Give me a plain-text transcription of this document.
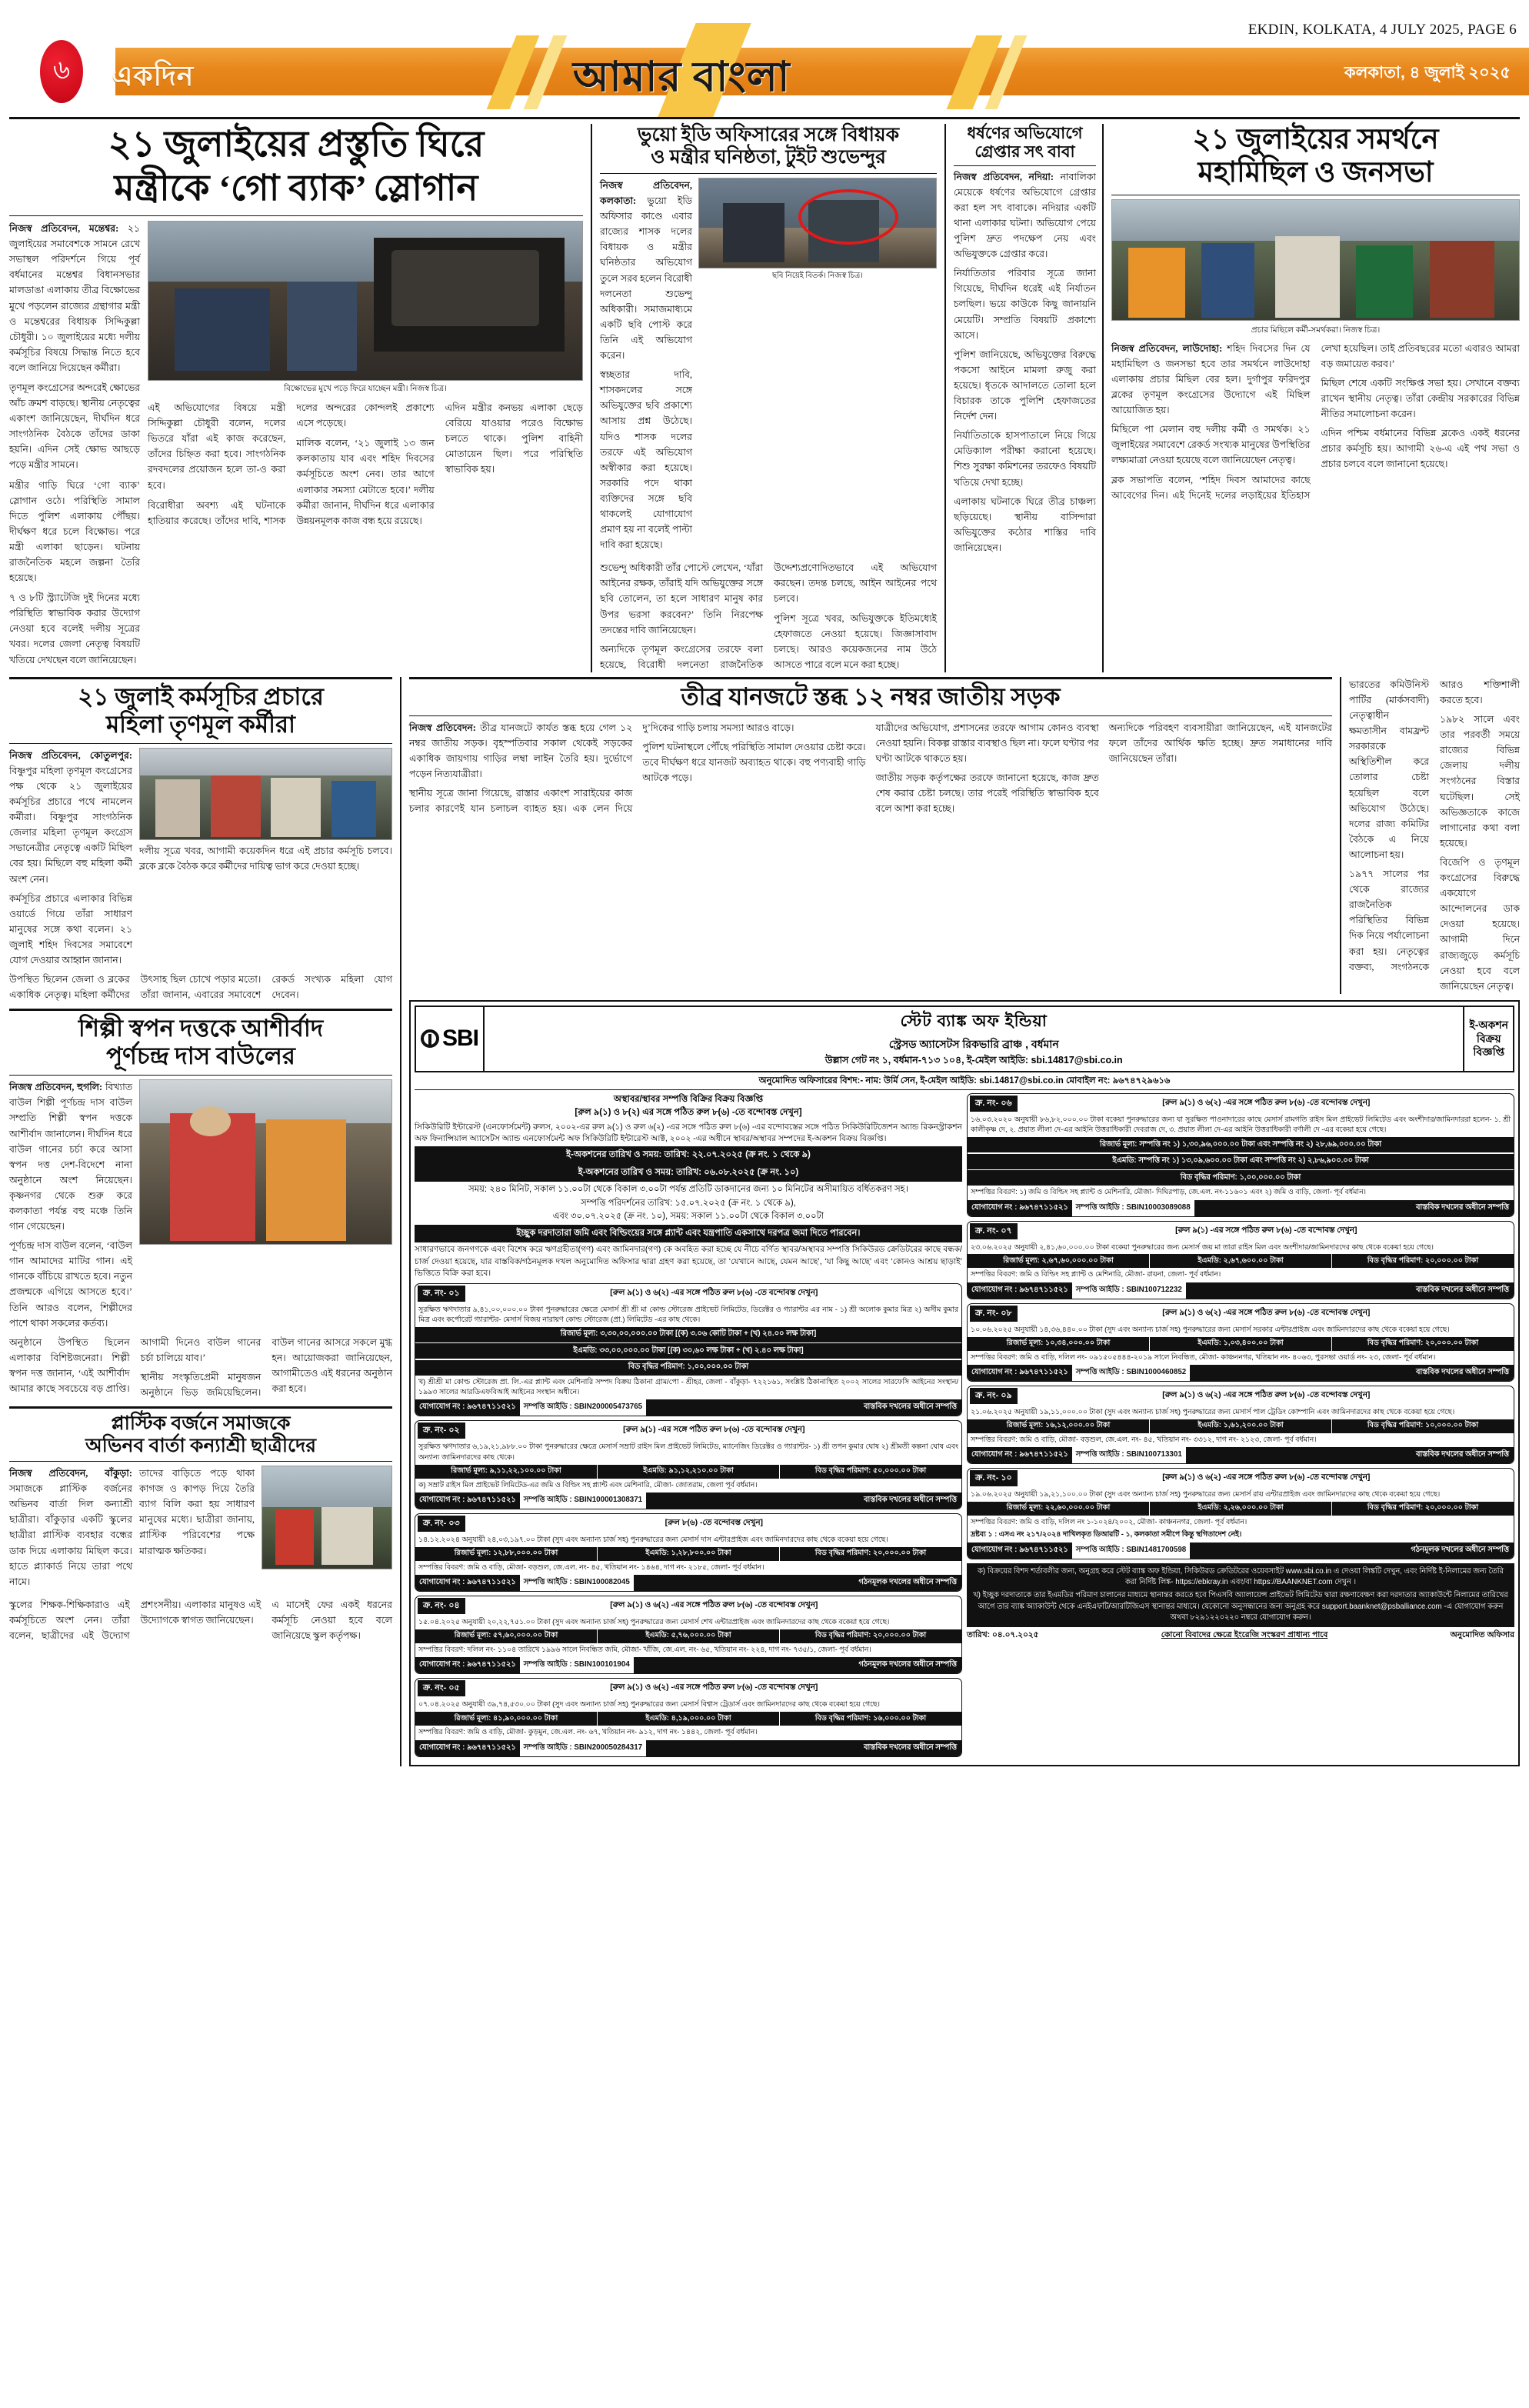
EKDIN, KOLKATA, 4 JULY 2025, PAGE 6
৬	একদিন	আমার বাংলা	কলকাতা, ৪ জুলাই ২০২৫
২১ জুলাইয়ের প্রস্তুতি ঘিরে
মন্ত্রীকে ‘গো ব্যাক’ স্লোগান

নিজস্ব প্রতিবেদন, মন্তেশ্বর: ২১ জুলাইয়ের সমাবেশকে সামনে রেখে সভাস্থল পরিদর্শনে গিয়ে পূর্ব বর্ধমানের মন্তেশ্বর বিধানসভার মালডাঙা এলাকায় তীব্র বিক্ষোভের মুখে পড়লেন রাজ্যের গ্রন্থাগার মন্ত্রী ও মন্তেশ্বরের বিধায়ক সিদ্দিকুল্লা চৌধুরী। ১০ জুলাইয়ের মধ্যে দলীয় কর্মসূচির বিষয়ে সিদ্ধান্ত নিতে হবে বলে জানিয়ে দিয়েছেন কর্মীরা।

তৃণমূল কংগ্রেসের অন্দরেই ক্ষোভের আঁচ ক্রমশ বাড়ছে। স্থানীয় নেতৃত্বের একাংশ জানিয়েছেন, দীর্ঘদিন ধরে সাংগঠনিক বৈঠকে তাঁদের ডাকা হয়নি। এদিন সেই ক্ষোভ আছড়ে পড়ে মন্ত্রীর সামনে।

মন্ত্রীর গাড়ি ঘিরে ‘গো ব্যাক’ স্লোগান ওঠে। পরিস্থিতি সামাল দিতে পুলিশ এলাকায় পৌঁছয়। দীর্ঘক্ষণ ধরে চলে বিক্ষোভ। পরে মন্ত্রী এলাকা ছাড়েন। ঘটনায় রাজনৈতিক মহলে জল্পনা তৈরি হয়েছে।

৭ ও ৮টি স্ট্র্যাটেজি দুই দিনের মধ্যে পরিস্থিতি স্বাভাবিক করার উদ্যোগ নেওয়া হবে বলেই দলীয় সূত্রের খবর। দলের জেলা নেতৃত্ব বিষয়টি খতিয়ে দেখছেন বলে জানিয়েছেন।

বিক্ষোভের মুখে পড়ে ফিরে যাচ্ছেন মন্ত্রী। নিজস্ব চিত্র।

এই অভিযোগের বিষয়ে মন্ত্রী সিদ্দিকুল্লা চৌধুরী বলেন, দলের ভিতরে যাঁরা এই কাজ করেছেন, তাঁদের চিহ্নিত করা হবে। সাংগঠনিক রদবদলের প্রয়োজন হলে তা-ও করা হবে।

বিরোধীরা অবশ্য এই ঘটনাকে হাতিয়ার করেছে। তাঁদের দাবি, শাসক দলের অন্দরের কোন্দলই প্রকাশ্যে এসে পড়েছে।

মালিক বলেন, ‘২১ জুলাই ১৩ জন কলকাতায় যাব এবং শহিদ দিবসের কর্মসূচিতে অংশ নেব। তার আগে এলাকার সমস্যা মেটাতে হবে।’ দলীয় কর্মীরা জানান, দীর্ঘদিন ধরে এলাকার উন্নয়নমূলক কাজ বন্ধ হয়ে রয়েছে।

এদিন মন্ত্রীর কনভয় এলাকা ছেড়ে বেরিয়ে যাওয়ার পরেও বিক্ষোভ চলতে থাকে। পুলিশ বাহিনী মোতায়েন ছিল। পরে পরিস্থিতি স্বাভাবিক হয়।

ভুয়ো ইডি অফিসারের সঙ্গে বিধায়ক
ও মন্ত্রীর ঘনিষ্ঠতা, টুইট শুভেন্দুর

নিজস্ব প্রতিবেদন, কলকাতা: ভুয়ো ইডি অফিসার কাণ্ডে এবার রাজ্যের শাসক দলের বিধায়ক ও মন্ত্রীর ঘনিষ্ঠতার অভিযোগ তুলে সরব হলেন বিরোধী দলনেতা শুভেন্দু অধিকারী। সমাজমাধ্যমে একটি ছবি পোস্ট করে তিনি এই অভিযোগ করেন।

স্বচ্ছতার দাবি, শাসকদলের সঙ্গে অভিযুক্তের ছবি প্রকাশ্যে আসায় প্রশ্ন উঠেছে। যদিও শাসক দলের তরফে এই অভিযোগ অস্বীকার করা হয়েছে। সরকারি পদে থাকা ব্যক্তিদের সঙ্গে ছবি থাকলেই যোগাযোগ প্রমাণ হয় না বলেই পাল্টা দাবি করা হয়েছে।

ছবি নিয়েই বিতর্ক। নিজস্ব চিত্র।

শুভেন্দু অধিকারী তাঁর পোস্টে লেখেন, ‘যাঁরা আইনের রক্ষক, তাঁরাই যদি অভিযুক্তের সঙ্গে ছবি তোলেন, তা হলে সাধারণ মানুষ কার উপর ভরসা করবেন?’ তিনি নিরপেক্ষ তদন্তের দাবি জানিয়েছেন।

অন্যদিকে তৃণমূল কংগ্রেসের তরফে বলা হয়েছে, বিরোধী দলনেতা রাজনৈতিক উদ্দেশ্যপ্রণোদিতভাবে এই অভিযোগ করছেন। তদন্ত চলছে, আইন আইনের পথে চলবে।

পুলিশ সূত্রে খবর, অভিযুক্তকে ইতিমধ্যেই হেফাজতে নেওয়া হয়েছে। জিজ্ঞাসাবাদ চলছে। আরও কয়েকজনের নাম উঠে আসতে পারে বলে মনে করা হচ্ছে।

ধর্ষণের অভিযোগে
গ্রেপ্তার সৎ বাবা

নিজস্ব প্রতিবেদন, নদিয়া: নাবালিকা মেয়েকে ধর্ষণের অভিযোগে গ্রেপ্তার করা হল সৎ বাবাকে। নদিয়ার একটি থানা এলাকার ঘটনা। অভিযোগ পেয়ে পুলিশ দ্রুত পদক্ষেপ নেয় এবং অভিযুক্তকে গ্রেপ্তার করে।

নির্যাতিতার পরিবার সূত্রে জানা গিয়েছে, দীর্ঘদিন ধরেই এই নির্যাতন চলছিল। ভয়ে কাউকে কিছু জানায়নি মেয়েটি। সম্প্রতি বিষয়টি প্রকাশ্যে আসে।

পুলিশ জানিয়েছে, অভিযুক্তের বিরুদ্ধে পকসো আইনে মামলা রুজু করা হয়েছে। ধৃতকে আদালতে তোলা হলে বিচারক তাকে পুলিশি হেফাজতের নির্দেশ দেন।

নির্যাতিতাকে হাসপাতালে নিয়ে গিয়ে মেডিক্যাল পরীক্ষা করানো হয়েছে। শিশু সুরক্ষা কমিশনের তরফেও বিষয়টি খতিয়ে দেখা হচ্ছে।

এলাকায় ঘটনাকে ঘিরে তীব্র চাঞ্চল্য ছড়িয়েছে। স্থানীয় বাসিন্দারা অভিযুক্তের কঠোর শাস্তির দাবি জানিয়েছেন।

২১ জুলাইয়ের সমর্থনে
মহামিছিল ও জনসভা
প্রচার মিছিলে কর্মী-সমর্থকরা। নিজস্ব চিত্র।

নিজস্ব প্রতিবেদন, লাউদোহা: শহিদ দিবসের দিন যে মহামিছিল ও জনসভা হবে তার সমর্থনে লাউদোহা এলাকায় প্রচার মিছিল বের হল। দুর্গাপুর ফরিদপুর ব্লকের তৃণমূল কংগ্রেসের উদ্যোগে এই মিছিল আয়োজিত হয়।

মিছিলে পা মেলান বহু দলীয় কর্মী ও সমর্থক। ২১ জুলাইয়ের সমাবেশে রেকর্ড সংখ্যক মানুষের উপস্থিতির লক্ষ্যমাত্রা নেওয়া হয়েছে বলে জানিয়েছেন নেতৃত্ব।

ব্লক সভাপতি বলেন, ‘শহিদ দিবস আমাদের কাছে আবেগের দিন। এই দিনেই দলের লড়াইয়ের ইতিহাস লেখা হয়েছিল। তাই প্রতিবছরের মতো এবারও আমরা বড় জমায়েত করব।’

মিছিল শেষে একটি সংক্ষিপ্ত সভা হয়। সেখানে বক্তব্য রাখেন স্থানীয় নেতৃত্ব। তাঁরা কেন্দ্রীয় সরকারের বিভিন্ন নীতির সমালোচনা করেন।

এদিন পশ্চিম বর্ধমানের বিভিন্ন ব্লকেও একই ধরনের প্রচার কর্মসূচি হয়। আগামী ২৬-এ এই পথ সভা ও প্রচার চলবে বলে জানানো হয়েছে।

২১ জুলাই কর্মসূচির প্রচারে
মহিলা তৃণমূল কর্মীরা

নিজস্ব প্রতিবেদন, কোতুলপুর: বিষ্ণুপুর মহিলা তৃণমূল কংগ্রেসের পক্ষ থেকে ২১ জুলাইয়ের কর্মসূচির প্রচারে পথে নামলেন কর্মীরা। বিষ্ণুপুর সাংগঠনিক জেলার মহিলা তৃণমূল কংগ্রেস সভানেত্রীর নেতৃত্বে একটি মিছিল বের হয়। মিছিলে বহু মহিলা কর্মী অংশ নেন।

কর্মসূচির প্রচারে এলাকার বিভিন্ন ওয়ার্ডে গিয়ে তাঁরা সাধারণ মানুষের সঙ্গে কথা বলেন। ২১ জুলাই শহিদ দিবসের সমাবেশে যোগ দেওয়ার আহ্বান জানান।

দলীয় সূত্রে খবর, আগামী কয়েকদিন ধরে এই প্রচার কর্মসূচি চলবে। ব্লকে ব্লকে বৈঠক করে কর্মীদের দায়িত্ব ভাগ করে দেওয়া হচ্ছে।

উপস্থিত ছিলেন জেলা ও ব্লকের একাধিক নেতৃত্ব। মহিলা কর্মীদের উৎসাহ ছিল চোখে পড়ার মতো। তাঁরা জানান, এবারের সমাবেশে রেকর্ড সংখ্যক মহিলা যোগ দেবেন।

শিল্পী স্বপন দত্তকে আশীর্বাদ
পূর্ণচন্দ্র দাস বাউলের

নিজস্ব প্রতিবেদন, হুগলি: বিখ্যাত বাউল শিল্পী পূর্ণচন্দ্র দাস বাউল সম্প্রতি শিল্পী স্বপন দত্তকে আশীর্বাদ জানালেন। দীর্ঘদিন ধরে বাউল গানের চর্চা করে আসা স্বপন দত্ত দেশ-বিদেশে নানা অনুষ্ঠানে অংশ নিয়েছেন। কৃষ্ণনগর থেকে শুরু করে কলকাতা পর্যন্ত বহু মঞ্চে তিনি গান গেয়েছেন।

পূর্ণচন্দ্র দাস বাউল বলেন, ‘বাউল গান আমাদের মাটির গান। এই গানকে বাঁচিয়ে রাখতে হবে। নতুন প্রজন্মকে এগিয়ে আসতে হবে।’ তিনি আরও বলেন, শিল্পীদের পাশে থাকা সকলের কর্তব্য।

অনুষ্ঠানে উপস্থিত ছিলেন এলাকার বিশিষ্টজনেরা। শিল্পী স্বপন দত্ত জানান, ‘এই আশীর্বাদ আমার কাছে সবচেয়ে বড় প্রাপ্তি। আগামী দিনেও বাউল গানের চর্চা চালিয়ে যাব।’

স্থানীয় সংস্কৃতিপ্রেমী মানুষজন অনুষ্ঠানে ভিড় জমিয়েছিলেন। বাউল গানের আসরে সকলে মুগ্ধ হন। আয়োজকরা জানিয়েছেন, আগামীতেও এই ধরনের অনুষ্ঠান করা হবে।

প্লাস্টিক বর্জনে সমাজকে
অভিনব বার্তা কন্যাশ্রী ছাত্রীদের

নিজস্ব প্রতিবেদন, বাঁকুড়া: সমাজকে প্লাস্টিক বর্জনের অভিনব বার্তা দিল কন্যাশ্রী ছাত্রীরা। বাঁকুড়ার একটি স্কুলের ছাত্রীরা প্লাস্টিক ব্যবহার বন্ধের ডাক দিয়ে এলাকায় মিছিল করে। হাতে প্ল্যাকার্ড নিয়ে তারা পথে নামে।

তাদের বাড়িতে পড়ে থাকা কাগজ ও কাপড় দিয়ে তৈরি ব্যাগ বিলি করা হয় সাধারণ মানুষের মধ্যে। ছাত্রীরা জানায়, প্লাস্টিক পরিবেশের পক্ষে মারাত্মক ক্ষতিকর।

স্কুলের শিক্ষক-শিক্ষিকারাও এই কর্মসূচিতে অংশ নেন। তাঁরা বলেন, ছাত্রীদের এই উদ্যোগ প্রশংসনীয়। এলাকার মানুষও এই উদ্যোগকে স্বাগত জানিয়েছেন।

এ মাসেই ফের একই ধরনের কর্মসূচি নেওয়া হবে বলে জানিয়েছে স্কুল কর্তৃপক্ষ।

তীব্র যানজটে স্তব্ধ ১২ নম্বর জাতীয় সড়ক

নিজস্ব প্রতিবেদন: তীব্র যানজটে কার্যত স্তব্ধ হয়ে গেল ১২ নম্বর জাতীয় সড়ক। বৃহস্পতিবার সকাল থেকেই সড়কের একাধিক জায়গায় গাড়ির লম্বা লাইন তৈরি হয়। দুর্ভোগে পড়েন নিত্যযাত্রীরা।

স্থানীয় সূত্রে জানা গিয়েছে, রাস্তার একাংশ সারাইয়ের কাজ চলার কারণেই যান চলাচল ব্যাহত হয়। এক লেন দিয়ে দু’দিকের গাড়ি চলায় সমস্যা আরও বাড়ে।

পুলিশ ঘটনাস্থলে পৌঁছে পরিস্থিতি সামাল দেওয়ার চেষ্টা করে। তবে দীর্ঘক্ষণ ধরে যানজট অব্যাহত থাকে। বহু পণ্যবাহী গাড়ি আটকে পড়ে।

যাত্রীদের অভিযোগ, প্রশাসনের তরফে আগাম কোনও ব্যবস্থা নেওয়া হয়নি। বিকল্প রাস্তার ব্যবস্থাও ছিল না। ফলে ঘণ্টার পর ঘণ্টা আটকে থাকতে হয়।

জাতীয় সড়ক কর্তৃপক্ষের তরফে জানানো হয়েছে, কাজ দ্রুত শেষ করার চেষ্টা চলছে। তার পরেই পরিস্থিতি স্বাভাবিক হবে বলে আশা করা হচ্ছে।

অন্যদিকে পরিবহণ ব্যবসায়ীরা জানিয়েছেন, এই যানজটের ফলে তাঁদের আর্থিক ক্ষতি হচ্ছে। দ্রুত সমাধানের দাবি জানিয়েছেন তাঁরা।

ভারতের কমিউনিস্ট পার্টির (মার্কসবাদী) নেতৃত্বাধীন ক্ষমতাসীন বামফ্রন্ট সরকারকে অস্থিতিশীল করে তোলার চেষ্টা হয়েছিল বলে অভিযোগ উঠেছে। দলের রাজ্য কমিটির বৈঠকে এ নিয়ে আলোচনা হয়।

১৯৭৭ সালের পর থেকে রাজ্যের রাজনৈতিক পরিস্থিতির বিভিন্ন দিক নিয়ে পর্যালোচনা করা হয়। নেতৃত্বের বক্তব্য, সংগঠনকে আরও শক্তিশালী করতে হবে।

১৯৮২ সালে এবং তার পরবর্তী সময়ে রাজ্যের বিভিন্ন জেলায় দলীয় সংগঠনের বিস্তার ঘটেছিল। সেই অভিজ্ঞতাকে কাজে লাগানোর কথা বলা হয়েছে।

বিজেপি ও তৃণমূল কংগ্রেসের বিরুদ্ধে একযোগে আন্দোলনের ডাক দেওয়া হয়েছে। আগামী দিনে রাজ্যজুড়ে কর্মসূচি নেওয়া হবে বলে জানিয়েছেন নেতৃত্ব।

SBI
স্টেট ব্যাঙ্ক অফ ইন্ডিয়া
স্ট্রেসড অ্যাসেটস রিকভারি ব্রাঞ্চ , বর্ধমান
উল্লাস গেট নং ১, বর্ধমান-৭১৩ ১০৪, ই-মেইল আইডি: sbi.14817@sbi.co.in
ই-অকশন
বিক্রয়
বিজ্ঞপ্তি
অনুমোদিত অফিসারের বিশদ:- নাম: উর্মি সেন, ই-মেইল আইডি: sbi.14817@sbi.co.in মোবাইল নং: ৯৬৭৪৭২৯৬১৬
অস্থাবর/স্থাবর সম্পত্তি বিক্রির বিক্রয় বিজ্ঞপ্তি
[রুল ৯(১) ও ৮(২) এর সঙ্গে পঠিত রুল ৮(৬) -তে বন্দোবস্ত দেখুন]
সিকিউরিটি ইন্টারেস্ট (এনফোর্সমেন্ট) রুলস, ২০০২-এর রুল ৯(১) ও রুল ৬(২) -এর সঙ্গে পঠিত রুল ৮(৬) -এর বন্দোবস্তের সঙ্গে পঠিত সিকিউরিটিজেশন অ্যান্ড রিকনস্ট্রাকশন অফ ফিনান্সিয়াল অ্যাসেটস অ্যান্ড এনফোর্সমেন্ট অফ সিকিউরিটি ইন্টারেস্ট আক্ট, ২০০২ -এর অধীনে স্থাবর/অস্থাবর সম্পদের ই-অকশন বিক্রয় বিজ্ঞপ্তি।
ই-অকশনের তারিখ ও সময়: তারিখ: ২২.০৭.২০২৫ (ক্র নং. ১ থেকে ৯)
ই-অকশনের তারিখ ও সময়: তারিখ: ০৬.০৮.২০২৫ (ক্র নং. ১০)
সময়: ২৪০ মিনিট, সকাল ১১.০০টা থেকে বিকাল ৩.০০টা পর্যন্ত প্রতিটি ডাকদানের জন্য ১০ মিনিটের অসীমায়িত বর্ধিতকরণ সহ।
সম্পত্তি পরিদর্শনের তারিখ: ১৫.০৭.২০২৫ (ক্র নং. ১ থেকে ৯),
এবং ৩০.০৭.২০২৫ (ক্র নং. ১০), সময়: সকাল ১১.০০টা থেকে বিকাল ৩.০০টা
ইচ্ছুক দরদাতারা জমি এবং বিল্ডিংয়ের সঙ্গে প্ল্যান্ট এবং যন্ত্রপাতি একসাথে দরপত্র জমা দিতে পারবেন।
সাধারণভাবে জনগণকে এবং বিশেষ করে ঋণগ্রহীতা(গণ) এবং জামিনদার(গণ) কে অবহিত করা হচ্ছে যে নীচে বর্ণিত স্থাবর/অস্থাবর সম্পত্তি সিকিউরড ক্রেডিটরের কাছে বন্ধক/চার্জ দেওয়া হয়েছে, যার বাস্তবিক/গঠনমূলক দখল অনুমোদিত অফিসার দ্বারা গ্রহণ করা হয়েছে, তা ‘যেখানে আছে, যেমন আছে’, ‘যা কিছু আছে’ এবং ‘কোনও আশ্রয় ছাড়াই’ ভিত্তিতে বিক্রি করা হবে।
ক্র. নং- ০১	[রুল ৯(১) ও ৬(২) -এর সঙ্গে পঠিত রুল ৮(৬) -তে বন্দোবস্ত দেখুন]
সুরক্ষিত ঋণদাতার ৯,৪১,০০,০০০.০০ টাকা পুনরুদ্ধারের ক্ষেত্রে মেসার্স শ্রী শ্রী মা কোল্ড স্টোরেজ প্রাইভেট লিমিটেড, ডিরেক্টর ও গ্যারান্টর এর নাম - ১) শ্রী অলোক কুমার মিত্র ২) অসীম কুমার মিত্র এবং কর্পোরেট গ্যারান্টর- মেসার্স বিজয় নারায়ণ কোল্ড স্টোরেজ (প্রা.) লিমিটেড -এর কাছ থেকে।
রিজার্ভ মূল্য: ৩,৩০,০০,০০০.০০ টাকা [(ক) ৩.০৬ কোটি টাকা + (খ) ২৪.০০ লক্ষ টাকা]
ইএমডি: ৩৩,০০,০০০.০০ টাকা [(ক) ৩০,৬০ লক্ষ টাকা + (খ) ২.৪০ লক্ষ টাকা]
বিড বৃদ্ধির পরিমাণ: ১,০০,০০০.০০ টাকা
খ) শ্রীশ্রী মা কোল্ড স্টোরেজ প্রা. লি.-এর প্ল্যান্ট এবং মেশিনারি সম্পদ বিক্রয় ঠিকানা গ্রাম/পো - শ্রীহর, জেলা - বাঁকুড়া- ৭২২১৬১, সংশ্লিষ্ট ঠিকানাস্থিত ২০০২ সালের সারফেসি আইনের সংস্থান/১৯৯৩ সালের আরডিএফবিআই আইনের সংস্থান অধীনে।
যোগাযোগ নং : ৯৬৭৪৭১১৫২১	সম্পত্তি আইডি : SBIN200005473765	বাস্তবিক দখলের অধীনে সম্পত্তি
ক্র. নং- ০২	[রুল ৯(১) -এর সঙ্গে পঠিত রুল ৮(৬) -তে বন্দোবস্ত দেখুন]
সুরক্ষিত ঋণদাতার ৬,১৯,২১,৯৮৮.০০ টাকা পুনরুদ্ধারের ক্ষেত্রে মেসার্স সম্রাট রাইস মিল প্রাইভেট লিমিটেড, ম্যানেজিং ডিরেক্টর ও গ্যারান্টর- ১) শ্রী তপন কুমার ঘোষ ২) শ্রীমতী কল্পনা ঘোষ এবং অন্যান্য জামিনদারদের কাছ থেকে।
রিজার্ভ মূল্য: ৯,১১,২২,১০০.০০ টাকা	ইএমডি: ৯১,১২,২১০.০০ টাকা	বিড বৃদ্ধির পরিমাণ: ৫০,০০০.০০ টাকা
ক) সম্রাট রাইস মিল প্রাইভেট লিমিটেড-এর জমি ও বিল্ডিং সহ প্ল্যান্ট এবং মেশিনারি, মৌজা- জোতরাম, জেলা পূর্ব বর্ধমান।
যোগাযোগ নং : ৯৬৭৪৭১১৫২১	সম্পত্তি আইডি : SBIN100001308371	বাস্তবিক দখলের অধীনে সম্পত্তি
ক্র. নং- ০৩	[রুল ৮(৬) -তে বন্দোবস্ত দেখুন]
১৪.১২.২০২৪ অনুযায়ী ২৪,০৩,১৯৭.০০ টাকা (সুদ এবং অন্যান্য চার্জ সহ) পুনরুদ্ধারের জন্য মেসার্স দাস এন্টারপ্রাইজ এবং জামিনদারদের কাছ থেকে বকেয়া হয়ে গেছে।
রিজার্ভ মূল্য: ১২,৮৮,০০০.০০ টাকা	ইএমডি: ১,২৮,৮০০.০০ টাকা	বিড বৃদ্ধির পরিমাণ: ২০,০০০.০০ টাকা
সম্পত্তির বিবরণ: জমি ও বাড়ি, মৌজা- বড়শুল, জে.এল. নং- ৪৫, খতিয়ান নং- ১৪৬৪, দাগ নং- ২১৮৫, জেলা- পূর্ব বর্ধমান।
যোগাযোগ নং : ৯৬৭৪৭১১৫২১	সম্পত্তি আইডি : SBIN100082045	গঠনমূলক দখলের অধীনে সম্পত্তি
ক্র. নং- ০৪	[রুল ৯(১) ও ৬(২) -এর সঙ্গে পঠিত রুল ৮(৬) -তে বন্দোবস্ত দেখুন]
১৫.০৪.২০২৫ অনুযায়ী ২০,২২,৭৫১.০০ টাকা (সুদ এবং অন্যান্য চার্জ সহ) পুনরুদ্ধারের জন্য মেসার্স শেখ এন্টারপ্রাইজ এবং জামিনদারদের কাছ থেকে বকেয়া হয়ে গেছে।
রিজার্ভ মূল্য: ৫৭,৬০,০০০.০০ টাকা	ইএমডি: ৫,৭৬,০০০.০০ টাকা	বিড বৃদ্ধির পরিমাণ: ২০,০০০.০০ টাকা
সম্পত্তির বিবরণ: দলিল নং- ১১০৪ তারিখে ১৯৯৬ সালে নিবন্ধিত জমি, মৌজা- খাঁজি, জে.এল. নং- ৬৫, খতিয়ান নং- ২২৪, দাগ নং- ৭৩৫/১, জেলা- পূর্ব বর্ধমান।
যোগাযোগ নং : ৯৬৭৪৭১১৫২১	সম্পত্তি আইডি : SBIN100101904	গঠনমূলক দখলের অধীনে সম্পত্তি
ক্র. নং- ০৫	[রুল ৯(১) ও ৬(২) -এর সঙ্গে পঠিত রুল ৮(৬) -তে বন্দোবস্ত দেখুন]
০৭.০৪.২০২৫ অনুযায়ী ৩৯,৭৪,৫৩০.০০ টাকা (সুদ এবং অন্যান্য চার্জ সহ) পুনরুদ্ধারের জন্য মেসার্স বিশ্বাস ট্রেডার্স এবং জামিনদারদের কাছ থেকে বকেয়া হয়ে গেছে।
রিজার্ভ মূল্য: ৪১,৯০,০০০.০০ টাকা	ইএমডি: ৪,১৯,০০০.০০ টাকা	বিড বৃদ্ধির পরিমাণ: ১৬,০০০.০০ টাকা
সম্পত্তির বিবরণ: জমি ও বাড়ি, মৌজা- কুড়মুন, জে.এল. নং- ৬৭, খতিয়ান নং- ৯১২, দাগ নং- ১৪৪২, জেলা- পূর্ব বর্ধমান।
যোগাযোগ নং : ৯৬৭৪৭১১৫২১	সম্পত্তি আইডি : SBIN200050284317	বাস্তবিক দখলের অধীনে সম্পত্তি
ক্র. নং- ০৬	[রুল ৯(১) ও ৬(২) -এর সঙ্গে পঠিত রুল ৮(৬) -তে বন্দোবস্ত দেখুন]
১৬.০৩.২০২০ অনুযায়ী ৮৬,৮২,০০০.০০ টাকা বকেয়া পুনরুদ্ধারের জন্য যা সুরক্ষিত পাওনাদারের কাছে মেসার্স রামগতি রাইস মিল প্রাইভেট লিমিটেড এবং অংশীদার/জামিনদাররা হলেন- ১. শ্রী কালীকৃষ্ণ দে, ২. প্রয়াত লীলা দে-এর আইনি উত্তরাধিকারী দেবরাজ দে, ৩. প্রয়াত লীলা দে-এর আইনি উত্তরাধিকারী বর্ণালী দে -এর বকেয়া হয়ে গেছে।
রিজার্ভ মূল্য: সম্পত্তি নং ১) ১,৩০,৯৬,০০০.০০ টাকা এবং সম্পত্তি নং ২) ২৮,৬৯,০০০.০০ টাকা
ইএমডি: সম্পত্তি নং ১) ১৩,০৯,৬০০.০০ টাকা এবং সম্পত্তি নং ২) ২,৮৬,৯০০.০০ টাকা
বিড বৃদ্ধির পরিমাণ: ১,০০,০০০.০০ টাকা
সম্পত্তির বিবরণ: ১) জমি ও বিল্ডিং সহ প্ল্যান্ট ও মেশিনারি, মৌজা- দিঘিরপাড়, জে.এল. নং-১১৬০১ এবং ২) জমি ও বাড়ি, জেলা- পূর্ব বর্ধমান।
যোগাযোগ নং : ৯৬৭৪৭১১৫২১	সম্পত্তি আইডি : SBIN10003089088	বাস্তবিক দখলের অধীনে সম্পত্তি
ক্র. নং- ০৭	[রুল ৯(১) -এর সঙ্গে পঠিত রুল ৮(৬) -তে বন্দোবস্ত দেখুন]
২৩.০৬.২০২৫ অনুযায়ী ২,৪১,৬০,০০০.০০ টাকা বকেয়া পুনরুদ্ধারের জন্য মেসার্স জয় মা তারা রাইস মিল এবং অংশীদার/জামিনদারদের কাছ থেকে বকেয়া হয়ে গেছে।
রিজার্ভ মূল্য: ২,৬৭,৬০,০০০.০০ টাকা	ইএমডি: ২,৬৭,৬০০.০০ টাকা	বিড বৃদ্ধির পরিমাণ: ২০,০০০.০০ টাকা
সম্পত্তির বিবরণ: জমি ও বিল্ডিং সহ প্ল্যান্ট ও মেশিনারি, মৌজা- রায়না, জেলা- পূর্ব বর্ধমান।
যোগাযোগ নং : ৯৬৭৪৭১১৫২১	সম্পত্তি আইডি : SBIN100712232	বাস্তবিক দখলের অধীনে সম্পত্তি
ক্র. নং- ০৮	[রুল ৯(১) ও ৬(২) -এর সঙ্গে পঠিত রুল ৮(৬) -তে বন্দোবস্ত দেখুন]
১০.০৬.২০২৫ অনুযায়ী ১৪,৩৬,৪৪০.০০ টাকা (সুদ এবং অন্যান্য চার্জ সহ) পুনরুদ্ধারের জন্য মেসার্স সরকার এন্টারপ্রাইজ এবং জামিনদারদের কাছ থেকে বকেয়া হয়ে গেছে।
রিজার্ভ মূল্য: ১০,৩৪,০০০.০০ টাকা	ইএমডি: ১,০৩,৪০০.০০ টাকা	বিড বৃদ্ধির পরিমাণ: ২০,০০০.০০ টাকা
সম্পত্তির বিবরণ: জমি ও বাড়ি, দলিল নং- ০৯১৫০৫৪৪৪-২০১৯ সালে নিবন্ধিত, মৌজা- কাঞ্চননগর, খতিয়ান নং- ৪০৬৩, পুরসভা ওয়ার্ড নং- ২৩, জেলা- পূর্ব বর্ধমান।
যোগাযোগ নং : ৯৬৭৪৭১১৫২১	সম্পত্তি আইডি : SBIN1000460852	বাস্তবিক দখলের অধীনে সম্পত্তি
ক্র. নং- ০৯	[রুল ৯(১) ও ৬(২) -এর সঙ্গে পঠিত রুল ৮(৬) -তে বন্দোবস্ত দেখুন]
২১.০৬.২০২৫ অনুযায়ী ১৯,১১,০০০.০০ টাকা (সুদ এবং অন্যান্য চার্জ সহ) পুনরুদ্ধারের জন্য মেসার্স পাল ট্রেডিং কোম্পানি এবং জামিনদারদের কাছ থেকে বকেয়া হয়ে গেছে।
রিজার্ভ মূল্য: ১৬,১২,০০০.০০ টাকা	ইএমডি: ১,৬১,২০০.০০ টাকা	বিড বৃদ্ধির পরিমাণ: ১০,০০০.০০ টাকা
সম্পত্তির বিবরণ: জমি ও বাড়ি, মৌজা- বড়শুল, জে.এল. নং- ৪৫, খতিয়ান নং- ৩৩১২, দাগ নং- ২১২৩, জেলা- পূর্ব বর্ধমান।
যোগাযোগ নং : ৯৬৭৪৭১১৫২১	সম্পত্তি আইডি : SBIN100713301	বাস্তবিক দখলের অধীনে সম্পত্তি
ক্র. নং- ১০	[রুল ৯(১) ও ৬(২) -এর সঙ্গে পঠিত রুল ৮(৬) -তে বন্দোবস্ত দেখুন]
১৯.০৬.২০২৫ অনুযায়ী ১৯,২১,১০০.০০ টাকা (সুদ এবং অন্যান্য চার্জ সহ) পুনরুদ্ধারের জন্য মেসার্স রায় এন্টারপ্রাইজ এবং জামিনদারদের কাছ থেকে বকেয়া হয়ে গেছে।
রিজার্ভ মূল্য: ২২,৬০,০০০.০০ টাকা	ইএমডি: ২,২৬,০০০.০০ টাকা	বিড বৃদ্ধির পরিমাণ: ২০,০০০.০০ টাকা
সম্পত্তির বিবরণ: জমি ও বাড়ি, দলিল নং ১-১০২৪/২০০২, মৌজা- কাঞ্চননগর, জেলা- পূর্ব বর্ধমান।
দ্রষ্টব্য ১ : এসএ নং ২১৭/২০২৪ দাখিলকৃত ডিআরটি - ১, কলকাতা সমীপে কিন্তু স্থগিতাদেশ নেই।
যোগাযোগ নং : ৯৬৭৪৭১১৫২১	সম্পত্তি আইডি : SBIN1481700598	গঠনমূলক দখলের অধীনে সম্পত্তি
ক) বিক্রয়ের বিশদ শর্তাবলীর জন্য, অনুগ্রহ করে স্টেট ব্যাঙ্ক অফ ইন্ডিয়া, সিকিউরড ক্রেডিটরের ওয়েবসাইট www.sbi.co.in এ দেওয়া লিঙ্কটি দেখুন, এবং নির্দিষ্ট ই-নিলামের জন্য তৈরি করা নির্দিষ্ট লিঙ্ক- https://ebkray.in এবং/বা https://BAANKNET.com দেখুন ।
খ) ইচ্ছুক দরদাতাকে তার ইএমডির পরিমাণ চালানের মাধ্যমে স্থানান্তর করতে হবে পিএসবি অ্যালায়েন্স প্রাইভেট লিমিটেড দ্বারা রক্ষণাবেক্ষণ করা দরদাতার অ্যাকাউন্টে নিলামের তারিখের আগে তার ব্যাঙ্ক অ্যাকাউন্ট থেকে এনইএফটি/আরটিজিএস স্থানান্তর মাধ্যমে। যেকোনো অনুসন্ধানের জন্য অনুগ্রহ করে support.baanknet@psballiance.com -এ যোগাযোগ করুন অথবা ৮২৯১২২০২২০ নম্বরে যোগাযোগ করুন।
তারিখ: ০৪.০৭.২০২৫	কোনো বিবাদের ক্ষেত্রে ইংরেজি সংস্করণ প্রাধান্য পাবে	অনুমোদিত অফিসার
